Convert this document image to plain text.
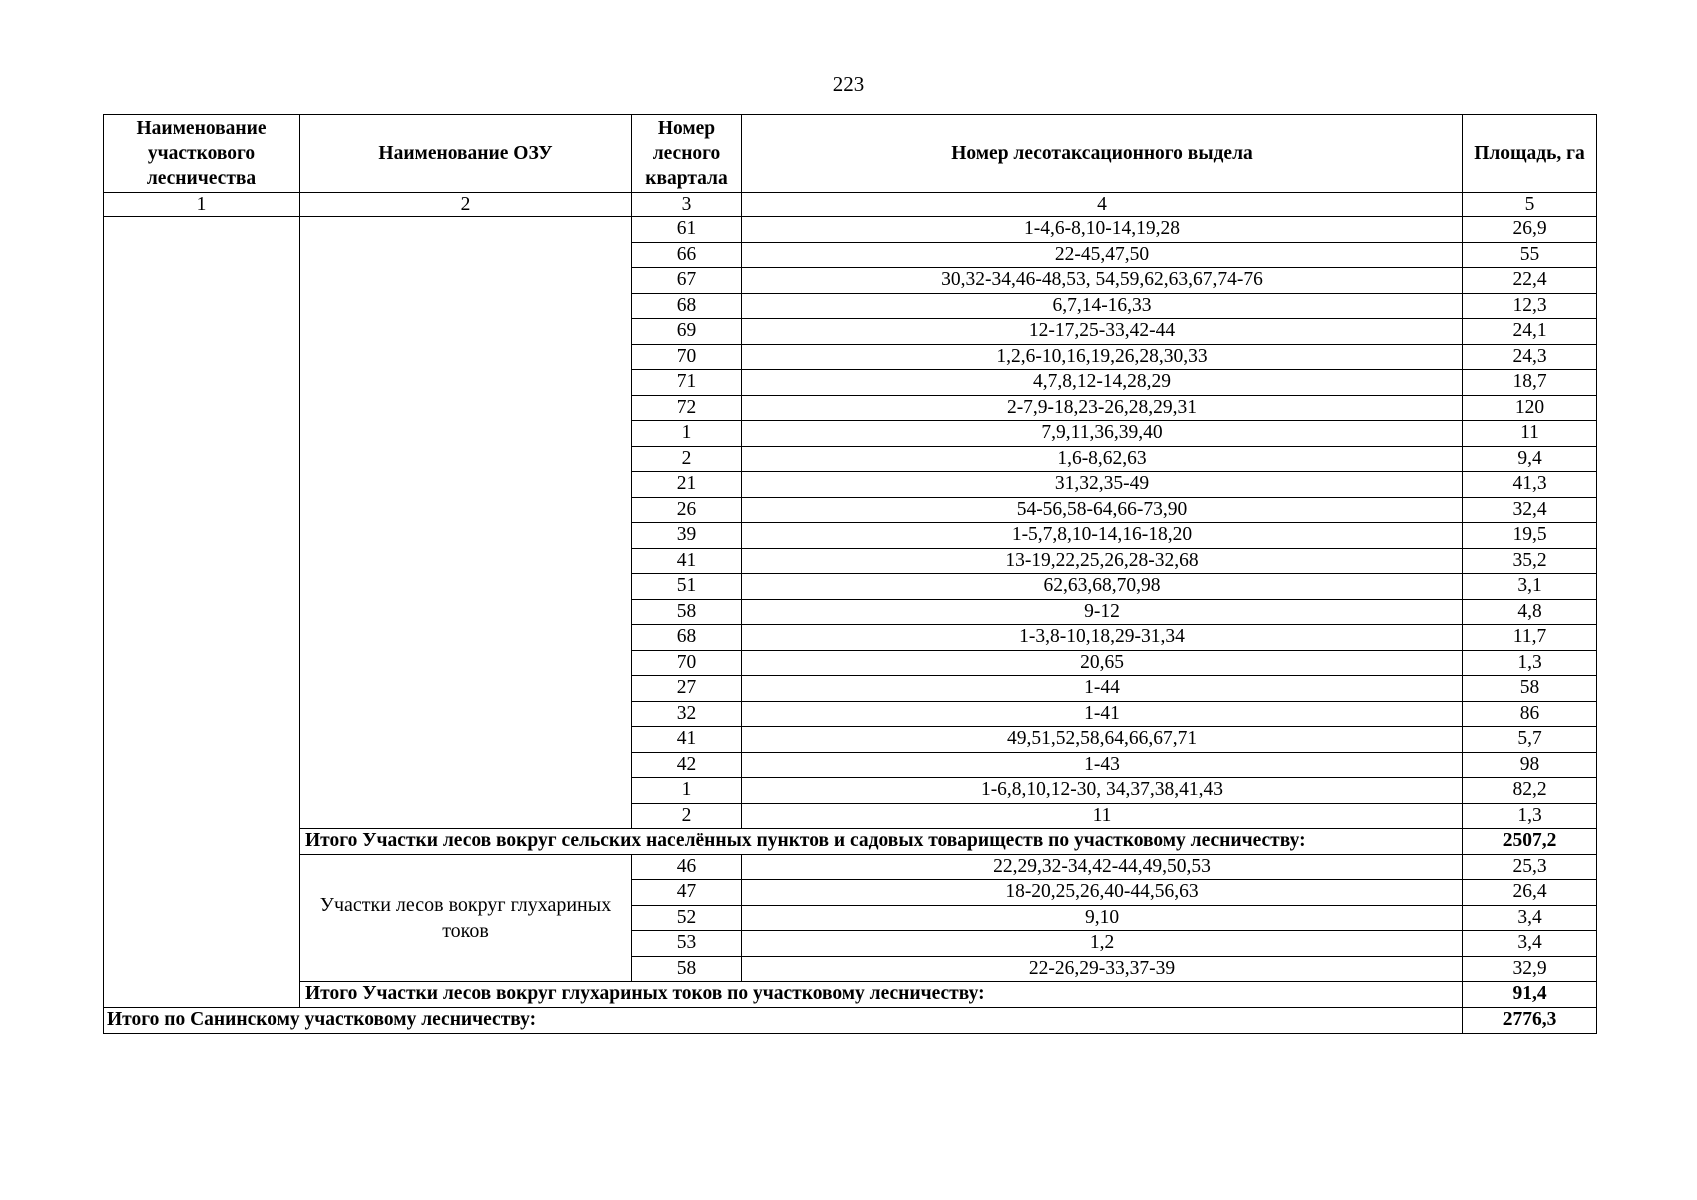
223
Наименование участкового лесничества	Наименование ОЗУ	Номер лесного квартала	Номер лесотаксационного выдела	Площадь, га
1	2	3	4	5
		61	1-4,6-8,10-14,19,28	26,9
		66	22-45,47,50	55
		67	30,32-34,46-48,53, 54,59,62,63,67,74-76	22,4
		68	6,7,14-16,33	12,3
		69	12-17,25-33,42-44	24,1
		70	1,2,6-10,16,19,26,28,30,33	24,3
		71	4,7,8,12-14,28,29	18,7
		72	2-7,9-18,23-26,28,29,31	120
		1	7,9,11,36,39,40	11
		2	1,6-8,62,63	9,4
		21	31,32,35-49	41,3
		26	54-56,58-64,66-73,90	32,4
		39	1-5,7,8,10-14,16-18,20	19,5
		41	13-19,22,25,26,28-32,68	35,2
		51	62,63,68,70,98	3,1
		58	9-12	4,8
		68	1-3,8-10,18,29-31,34	11,7
		70	20,65	1,3
		27	1-44	58
		32	1-41	86
		41	49,51,52,58,64,66,67,71	5,7
		42	1-43	98
		1	1-6,8,10,12-30, 34,37,38,41,43	82,2
		2	11	1,3
	Итого Участки лесов вокруг сельских населённых пунктов и садовых товариществ по участковому лесничеству:			2507,2
	Участки лесов вокруг глухариных токов	46	22,29,32-34,42-44,49,50,53	25,3
		47	18-20,25,26,40-44,56,63	26,4
		52	9,10	3,4
		53	1,2	3,4
		58	22-26,29-33,37-39	32,9
	Итого Участки лесов вокруг глухариных токов по участковому лесничеству:			91,4
Итого по Санинскому участковому лесничеству:				2776,3
